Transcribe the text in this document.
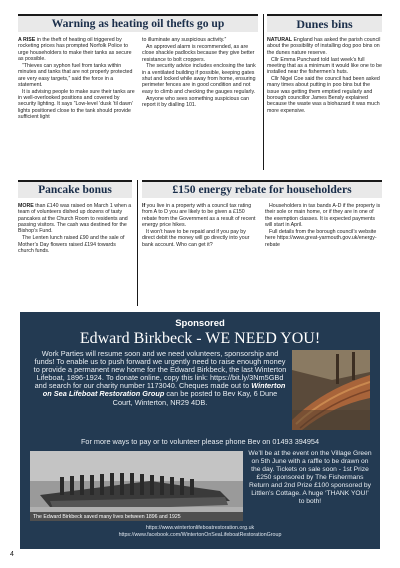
Warning as heating oil thefts go up

A RISE in the theft of heating oil triggered by rocketing prices has prompted Norfolk Police to urge householders to make their tanks as secure as possible.

“Thieves can syphon fuel from tanks within minutes and tanks that are not properly protected are very easy targets,” said the force in a statement.

It is advising people to make sure their tanks are in well-overlooked positions and covered by security lighting. It says “Low-level ‘dusk ‘til dawn’ lights positioned close to the tank should provide sufficient light

to illuminate any suspicious activity.”

An approved alarm is recommended, as are close shackle padlocks because they give better resistance to bolt croppers.

The security advice includes enclosing the tank in a ventilated building if possible, keeping gates shut and locked while away from home, ensuring perimeter fences are in good condition and not easy to climb and checking the gauges regularly.

Anyone who sees something suspicious can report it by dialling 101.

Dunes bins

NATURAL England has asked the parish council about the possibility of installing dog poo bins on the dunes nature reserve.

Cllr Emma Punchard told last week’s full meeting that as a minimum it would like one to be installed near the fishermen’s huts.

Cllr Nigel Coe said the council had been asked many times about putting in poo bins but the issue was getting them emptied regularly and borough councillor James Bensly explained because the waste was a biohazard it was much more expensive.

Pancake bonus

MORE than £140 was raised on March 1 when a team of volunteers dished up dozens of tasty pancakes at the Church Room to residents and passing visitors. The cash was destined for the Bishop’s Fund.

The Lenten lunch raised £90 and the sale of Mother’s Day flowers raised £194 towards church funds.

£150 energy rebate for householders

If you live in a property with a council tax rating from A to D you are likely to be given a £150 rebate from the Government as a result of recent energy price hikes.

It won’t have to be repaid and if you pay by direct debit the money will go directly into your bank account. Who can get it?

Householders in tax bands A-D if the property is their sole or main home, or if they are in one of the exemption classes. It is expected payments will start in April.

Full details from the borough council’s website here https://www.great-yarmouth.gov.uk/energy-rebate

Sponsored
Edward Birkbeck - WE NEED YOU!
Work Parties will resume soon and we need volunteers, sponsorship and funds! To enable us to push forward we urgently need to raise enough money to provide a permanent new home for the Edward Birkbeck, the last Winterton Lifeboat, 1896-1924. To donate online, copy this link: https://bit.ly/3Nm5GBd and search for our charity number 1173040. Cheques made out to Winterton on Sea Lifeboat Restoration Group can be posted to Bev Kay, 6 Dune Court, Winterton, NR29 4DB.
For more ways to pay or to volunteer please phone Bev on 01493 394954
The Edward Birkbeck saved many lives between 1896 and 1925
We’ll be at the event on the Village Green on 5th June with a raffle to be drawn on the day. Tickets on sale soon - 1st Prize £250 sponsored by The Fishermans Return and 2nd Prize £100 sponsored by Littlen’s Cottage. A huge ‘THANK YOU!’ to both!
https://www.wintertonlifeboatrestoration.org.uk
https://www.facebook.com/WintertonOnSeaLifeboatRestorationGroup
4
